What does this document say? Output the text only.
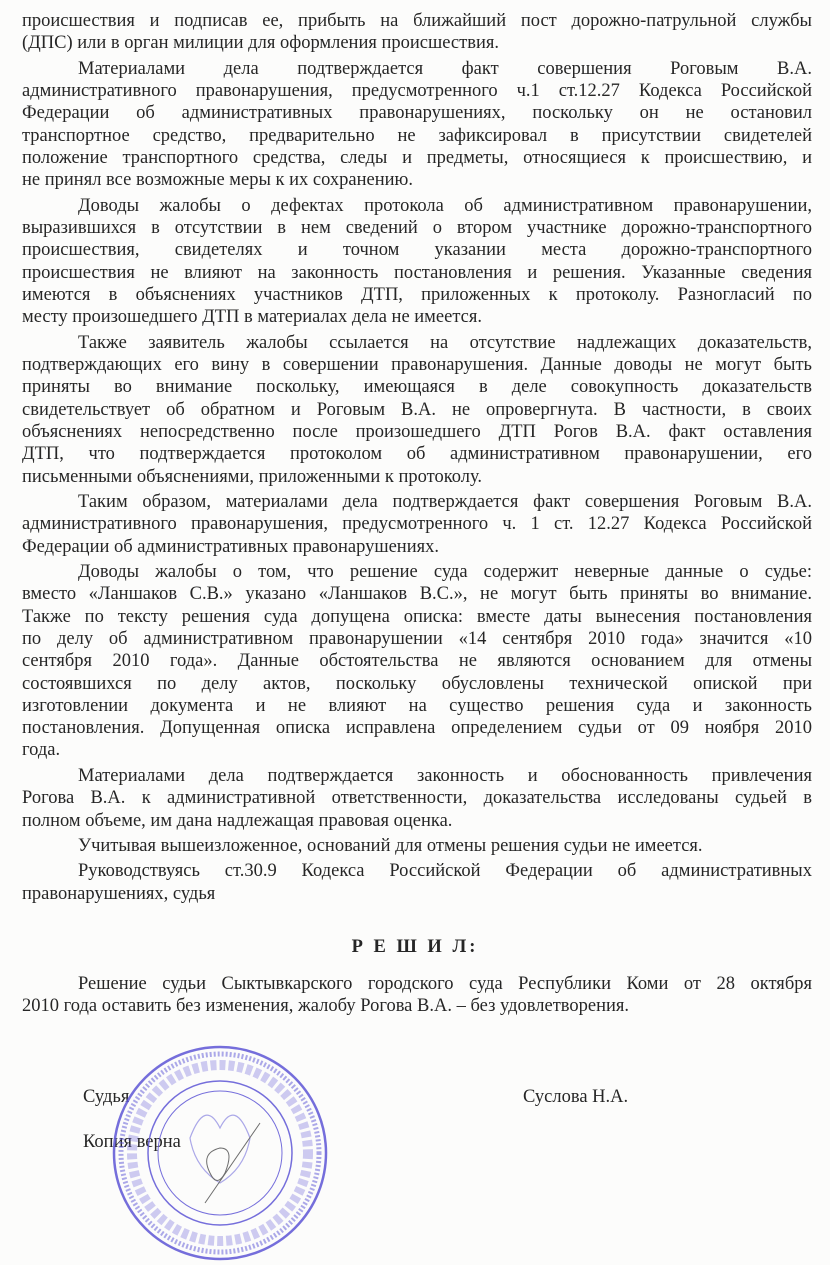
происшествия и подписав ее, прибыть на ближайший пост дорожно-патрульной службы
(ДПС) или в орган милиции для оформления происшествия.
Материалами дела подтверждается факт совершения Роговым В.А.
административного правонарушения, предусмотренного ч.1 ст.12.27 Кодекса Российской
Федерации об административных правонарушениях, поскольку он не остановил
транспортное средство, предварительно не зафиксировал в присутствии свидетелей
положение транспортного средства, следы и предметы, относящиеся к происшествию, и
не принял все возможные меры к их сохранению.
Доводы жалобы о дефектах протокола об административном правонарушении,
выразившихся в отсутствии в нем сведений о втором участнике дорожно-транспортного
происшествия, свидетелях и точном указании места дорожно-транспортного
происшествия не влияют на законность постановления и решения. Указанные сведения
имеются в объяснениях участников ДТП, приложенных к протоколу. Разногласий по
месту произошедшего ДТП в материалах дела не имеется.
Также заявитель жалобы ссылается на отсутствие надлежащих доказательств,
подтверждающих его вину в совершении правонарушения. Данные доводы не могут быть
приняты во внимание поскольку, имеющаяся в деле совокупность доказательств
свидетельствует об обратном и Роговым В.А. не опровергнута. В частности, в своих
объяснениях непосредственно после произошедшего ДТП Рогов В.А. факт оставления
ДТП, что подтверждается протоколом об административном правонарушении, его
письменными объяснениями, приложенными к протоколу.
Таким образом, материалами дела подтверждается факт совершения Роговым В.А.
административного правонарушения, предусмотренного ч. 1 ст. 12.27 Кодекса Российской
Федерации об административных правонарушениях.
Доводы жалобы о том, что решение суда содержит неверные данные о судье:
вместо «Ланшаков С.В.» указано «Ланшаков В.С.», не могут быть приняты во внимание.
Также по тексту решения суда допущена описка: вместе даты вынесения постановления
по делу об административном правонарушении «14 сентября 2010 года» значится «10
сентября 2010 года». Данные обстоятельства не являются основанием для отмены
состоявшихся по делу актов, поскольку обусловлены технической опиской при
изготовлении документа и не влияют на существо решения суда и законность
постановления. Допущенная описка исправлена определением судьи от 09 ноября 2010
года.
Материалами дела подтверждается законность и обоснованность привлечения
Рогова В.А. к административной ответственности, доказательства исследованы судьей в
полном объеме, им дана надлежащая правовая оценка.
Учитывая вышеизложенное, оснований для отмены решения судьи не имеется.
Руководствуясь ст.30.9 Кодекса Российской Федерации об административных
правонарушениях, судья
Р Е Ш И Л:
Решение судьи Сыктывкарского городского суда Республики Коми от 28 октября
2010 года оставить без изменения, жалобу Рогова В.А. – без удовлетворения.
Судья	Суслова Н.А.
Копия верна
